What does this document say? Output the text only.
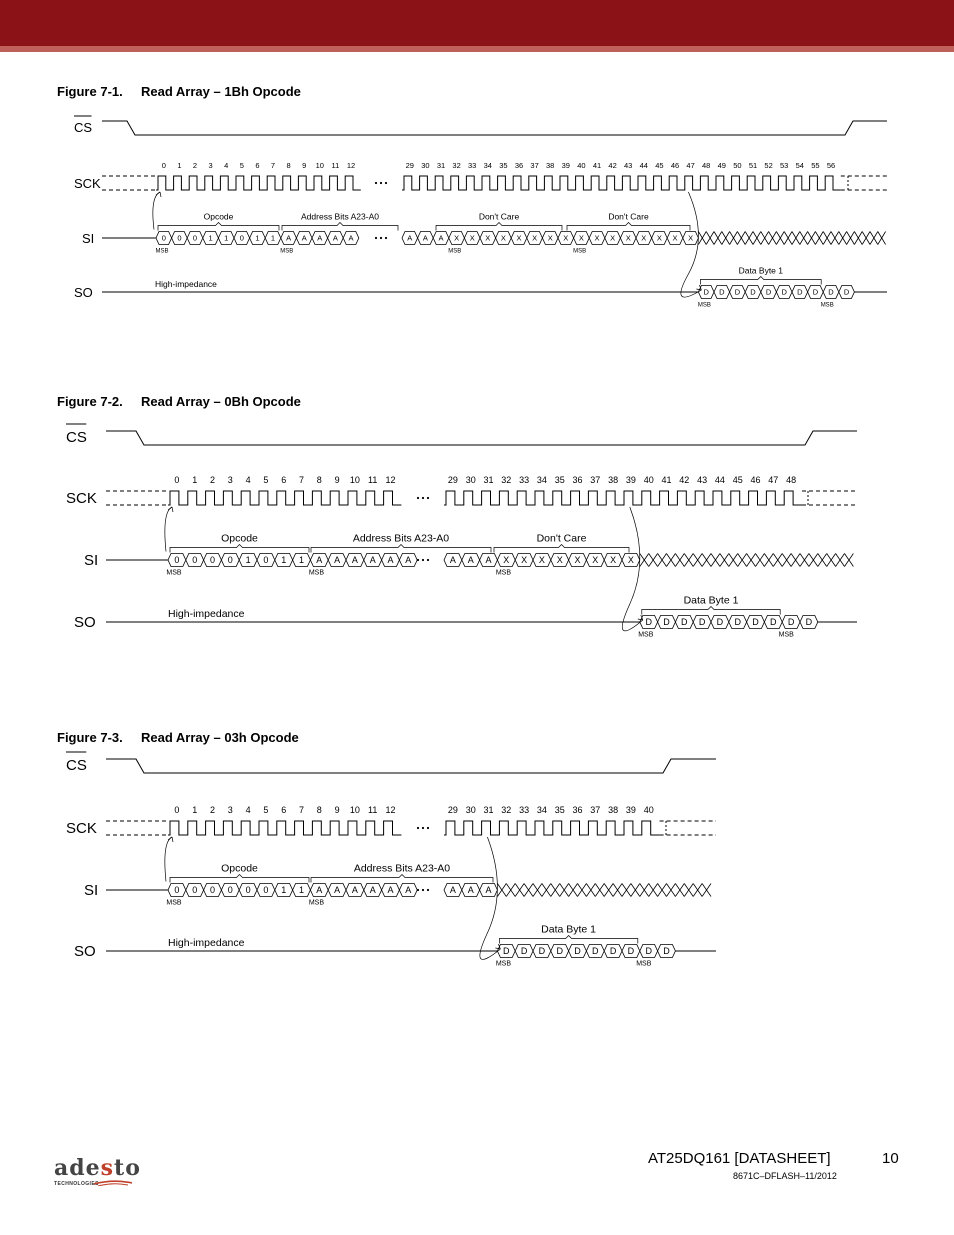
Figure 7-1. Read Array – 1Bh Opcode
Figure 7-2. Read Array – 0Bh Opcode
Figure 7-3. Read Array – 03h Opcode
CS
SCK
SI
SO
0 1 2 3 4 5 6 7 8 9 10 11 12	29 30 31 32 33 34 35 36 37 38 39 40 41 42 43 44 45 46 47 48 49 50 51 52 53 54 55 56
0 0 0 1 1 0 1 1 A A A A A	A A A X X X X X X X X X X X X X X X X
MSB	MSB	MSB	MSB
Opcode	Address Bits A23-A0	Don't Care	Don't Care
High-impedance
D D D D D D D D D D
MSB	MSB
Data Byte 1
CS
SCK
SI
SO
0 1 2 3 4 5 6 7 8 9 10 11 12	29 30 31 32 33 34 35 36 37 38 39 40 41 42 43 44 45 46 47 48
0 0 0 0 1 0 1 1 A A A A A A	A A A X X X X X X X X
MSB	MSB	MSB
Opcode	Address Bits A23-A0	Don't Care
High-impedance
D D D D D D D D D D
MSB	MSB
Data Byte 1
CS
SCK
SI
SO
0 1 2 3 4 5 6 7 8 9 10 11 12	29 30 31 32 33 34 35 36 37 38 39 40
0 0 0 0 0 0 1 1 A A A A A A	A A A
MSB	MSB
Opcode	Address Bits A23-A0
High-impedance
D D D D D D D D D D
MSB	MSB
Data Byte 1
adesto
TECHNOLOGIES
AT25DQ161 [DATASHEET]	10
8671C–DFLASH–11/2012
